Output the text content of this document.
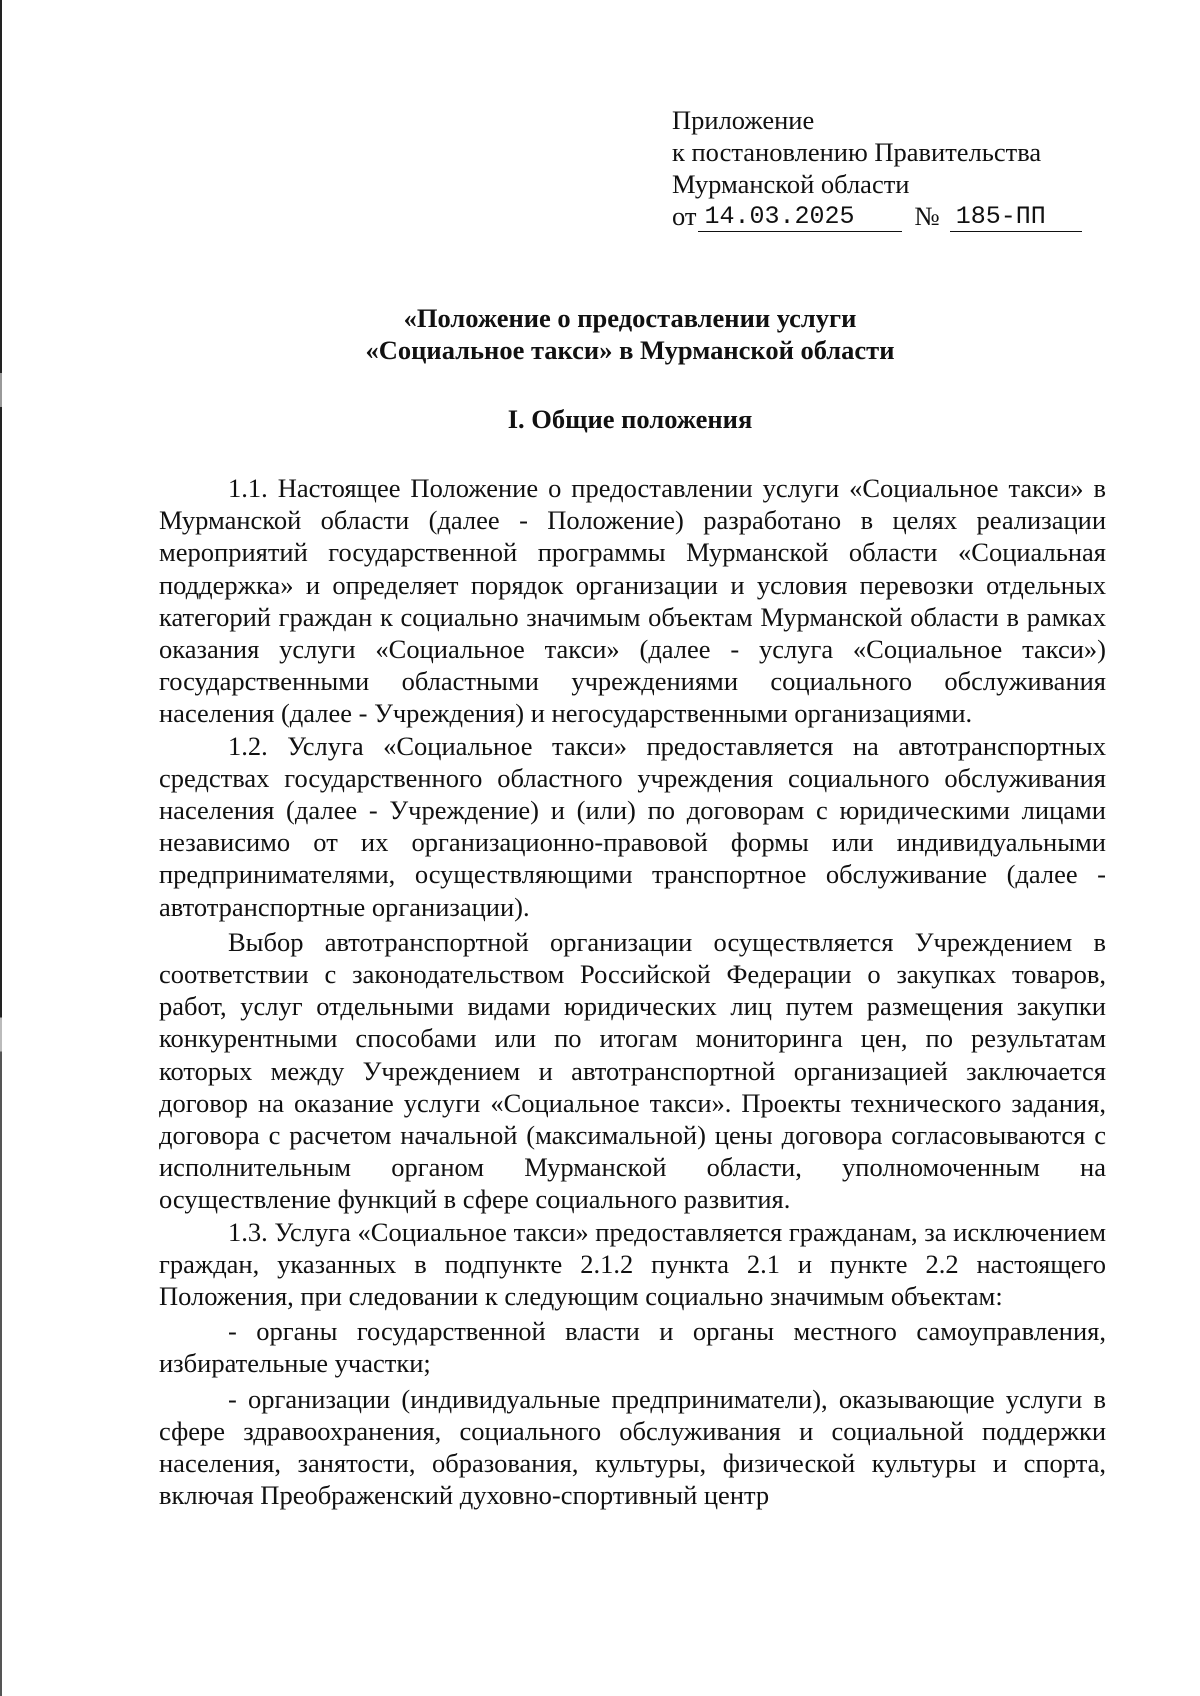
Приложение
к постановлению Правительства
Мурманской области
от 14.03.2025	№ 185-ПП
«Положение о предоставлении услуги
«Социальное такси» в Мурманской области
I. Общие положения

1.1. Настоящее Положение о предоставлении услуги «Социальное такси» в Мурманской области (далее - Положение) разработано в целях реализации мероприятий государственной программы Мурманской области «Социальная поддержка» и определяет порядок организации и условия перевозки отдельных категорий граждан к социально значимым объектам Мурманской области в рамках оказания услуги «Социальное такси» (далее - услуга «Социальное такси») государственными областными учреждениями социального обслуживания населения (далее - Учреждения) и негосударственными организациями.

1.2. Услуга «Социальное такси» предоставляется на автотранспортных средствах государственного областного учреждения социального обслуживания населения (далее - Учреждение) и (или) по договорам с юридическими лицами независимо от их организационно-правовой формы или индивидуальными предпринимателями, осуществляющими транспортное обслуживание (далее - автотранспортные организации).

Выбор автотранспортной организации осуществляется Учреждением в соответствии с законодательством Российской Федерации о закупках товаров, работ, услуг отдельными видами юридических лиц путем размещения закупки конкурентными способами или по итогам мониторинга цен, по результатам которых между Учреждением и автотранспортной организацией заключается договор на оказание услуги «Социальное такси». Проекты технического задания, договора с расчетом начальной (максимальной) цены договора согласовываются с исполнительным органом Мурманской области, уполномоченным на осуществление функций в сфере социального развития.

1.3. Услуга «Социальное такси» предоставляется гражданам, за исключением граждан, указанных в подпункте 2.1.2 пункта 2.1 и пункте 2.2 настоящего Положения, при следовании к следующим социально значимым объектам:

- органы государственной власти и органы местного самоуправления, избирательные участки;

- организации (индивидуальные предприниматели), оказывающие услуги в сфере здравоохранения, социального обслуживания и социальной поддержки населения, занятости, образования, культуры, физической культуры и спорта, включая Преображенский духовно-спортивный центр
